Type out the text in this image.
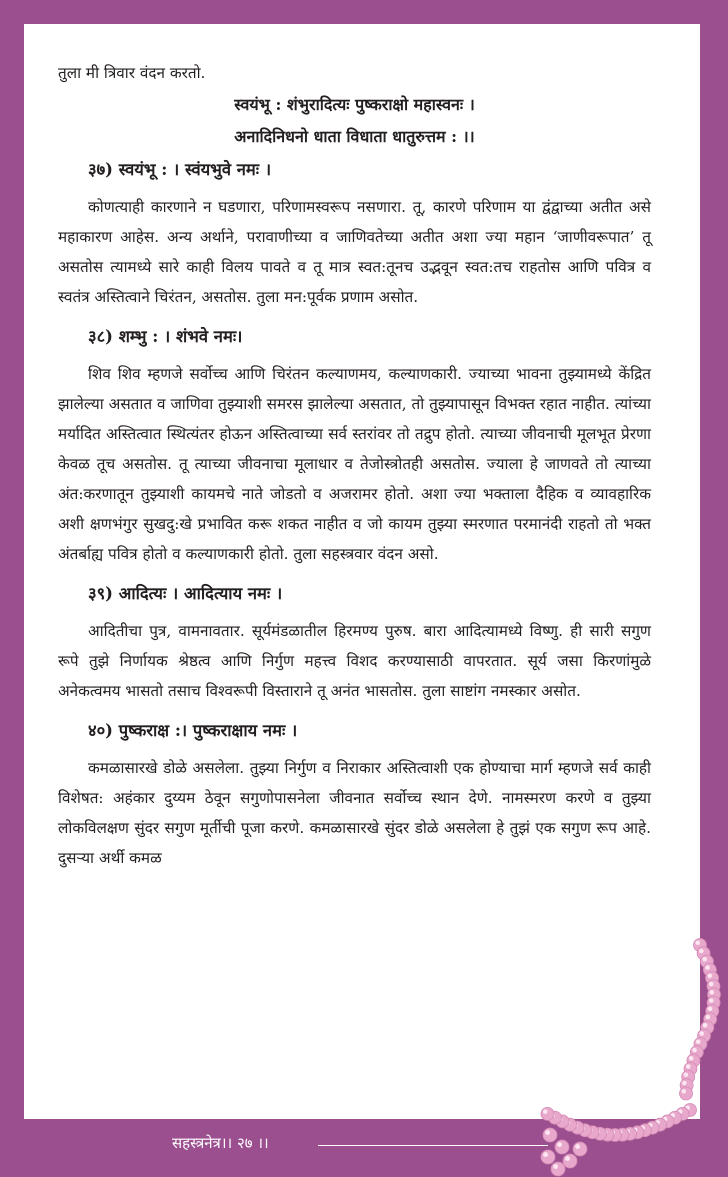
तुला मी त्रिवार वंदन करतो.

स्वयंभू : शंभुरादित्यः पुष्कराक्षो महास्वनः ।
अनादिनिधनो धाता विधाता धातुरुत्तम : ।।
३७) स्वयंभू : । स्वंयभुवे नमः ।

कोणत्याही कारणाने न घडणारा, परिणामस्वरूप नसणारा. तू, कारणे परिणाम या द्वंद्वाच्या अतीत असे महाकारण आहेस. अन्य अर्थाने, परावाणीच्या व जाणिवतेच्या अतीत अशा ज्या महान ‘जाणीवरूपात’ तू असतोस त्यामध्ये सारे काही विलय पावते व तू मात्र स्वत:तूनच उद्भवून स्वत:तच राहतोस आणि पवित्र व स्वतंत्र अस्तित्वाने चिरंतन, असतोस. तुला मन:पूर्वक प्रणाम असोत.

३८) शम्भु : । शंभवे नमः।

शिव शिव म्हणजे सर्वोच्च आणि चिरंतन कल्याणमय, कल्याणकारी. ज्याच्या भावना तुझ्यामध्ये केंद्रित झालेल्या असतात व जाणिवा तुझ्याशी समरस झालेल्या असतात, तो तुझ्यापासून विभक्त रहात नाहीत. त्यांच्या मर्यादित अस्तित्वात स्थित्यंतर होऊन अस्तित्वाच्या सर्व स्तरांवर तो तद्रुप होतो. त्याच्या जीवनाची मूलभूत प्रेरणा केवळ तूच असतोस. तू त्याच्या जीवनाचा मूलाधार व तेजोस्त्रोतही असतोस. ज्याला हे जाणवते तो त्याच्या अंत:करणातून तुझ्याशी कायमचे नाते जोडतो व अजरामर होतो. अशा ज्या भक्ताला दैहिक व व्यावहारिक अशी क्षणभंगुर सुखदु:खे प्रभावित करू शकत नाहीत व जो कायम तुझ्या स्मरणात परमानंदी राहतो तो भक्त अंतर्बाह्य पवित्र होतो व कल्याणकारी होतो. तुला सहस्त्रवार वंदन असो.

३९) आदित्यः । आदित्याय नमः ।

आदितीचा पुत्र, वामनावतार. सूर्यमंडळातील हिरमण्य पुरुष. बारा आदित्यामध्ये विष्णु. ही सारी सगुण रूपे तुझे निर्णायक श्रेष्ठत्व आणि निर्गुण महत्त्व विशद करण्यासाठी वापरतात. सूर्य जसा किरणांमुळे अनेकत्वमय भासतो तसाच विश्वरूपी विस्ताराने तू अनंत भासतोस. तुला साष्टांग नमस्कार असोत.

४०) पुष्कराक्ष :। पुष्कराक्षाय नमः ।

कमळासारखे डोळे असलेला. तुझ्या निर्गुण व निराकार अस्तित्वाशी एक होण्याचा मार्ग म्हणजे सर्व काही विशेषत: अहंकार दुय्यम ठेवून सगुणोपासनेला जीवनात सर्वोच्च स्थान देणे. नामस्मरण करणे व तुझ्या लोकविलक्षण सुंदर सगुण मूर्तीची पूजा करणे. कमळासारखे सुंदर डोळे असलेला हे तुझं एक सगुण रूप आहे. दुसऱ्या अर्थी कमळ

सहस्त्रनेत्र।। २७ ।।
